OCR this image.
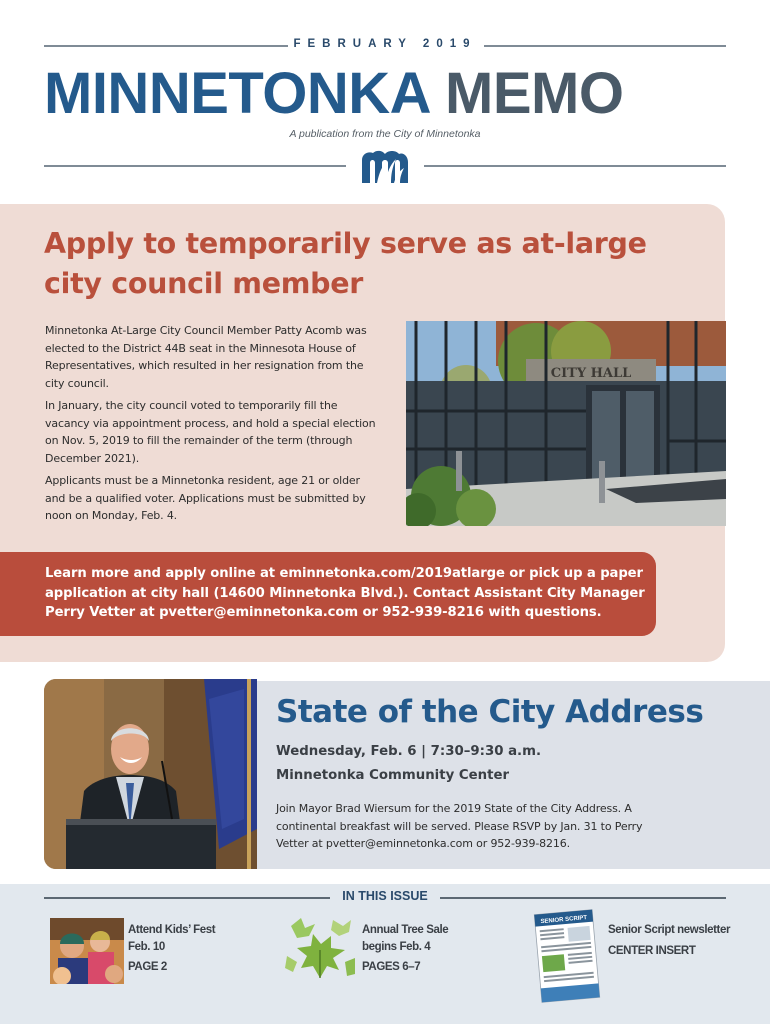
FEBRUARY 2019
MINNETONKA MEMO
A publication from the City of Minnetonka
Apply to temporarily serve as at-large city council member

Minnetonka At-Large City Council Member Patty Acomb was elected to the District 44B seat in the Minnesota House of Representatives, which resulted in her resignation from the city council.

In January, the city council voted to temporarily fill the vacancy via appointment process, and hold a special election on Nov. 5, 2019 to fill the remainder of the term (through December 2021).

Applicants must be a Minnetonka resident, age 21 or older and be a qualified voter. Applications must be submitted by noon on Monday, Feb. 4.

CITY HALL

Learn more and apply online at eminnetonka.com/2019atlarge or pick up a paper application at city hall (14600 Minnetonka Blvd.). Contact Assistant City Manager Perry Vetter at pvetter@eminnetonka.com or 952-939-8216 with questions.

State of the City Address
Wednesday, Feb. 6 | 7:30–9:30 a.m.
Minnetonka Community Center

Join Mayor Brad Wiersum for the 2019 State of the City Address. A continental breakfast will be served. Please RSVP by Jan. 31 to Perry Vetter at pvetter@eminnetonka.com or 952-939-8216.

IN THIS ISSUE
Attend Kids’ Fest
Feb. 10
PAGE 2
Annual Tree Sale
begins Feb. 4
PAGES 6–7
SENIOR SCRIPT
Senior Script newsletter
CENTER INSERT
